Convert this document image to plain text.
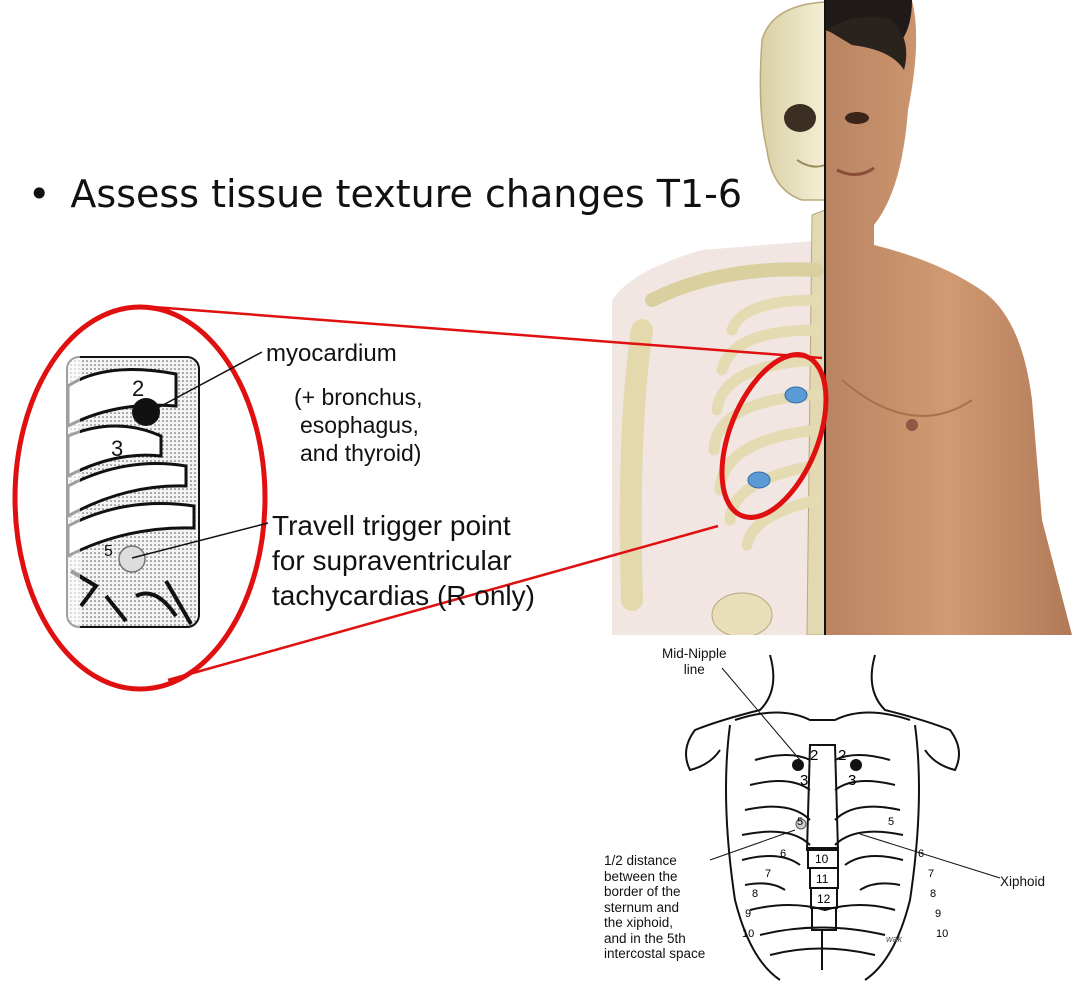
• Assess tissue texture changes T1-6
2
3
5
myocardium
(+ bronchus,
esophagus,
and thyroid)
Travell trigger point
for supraventricular
tachycardias (R only)
2
3
5
6
7
8
9
10
2
3
5
6
7
8
9
10
10
11
12
wak
Mid-Nipple
line
1/2 distance
between the
border of the
sternum and
the xiphoid,
and in the 5th
intercostal space
Xiphoid
